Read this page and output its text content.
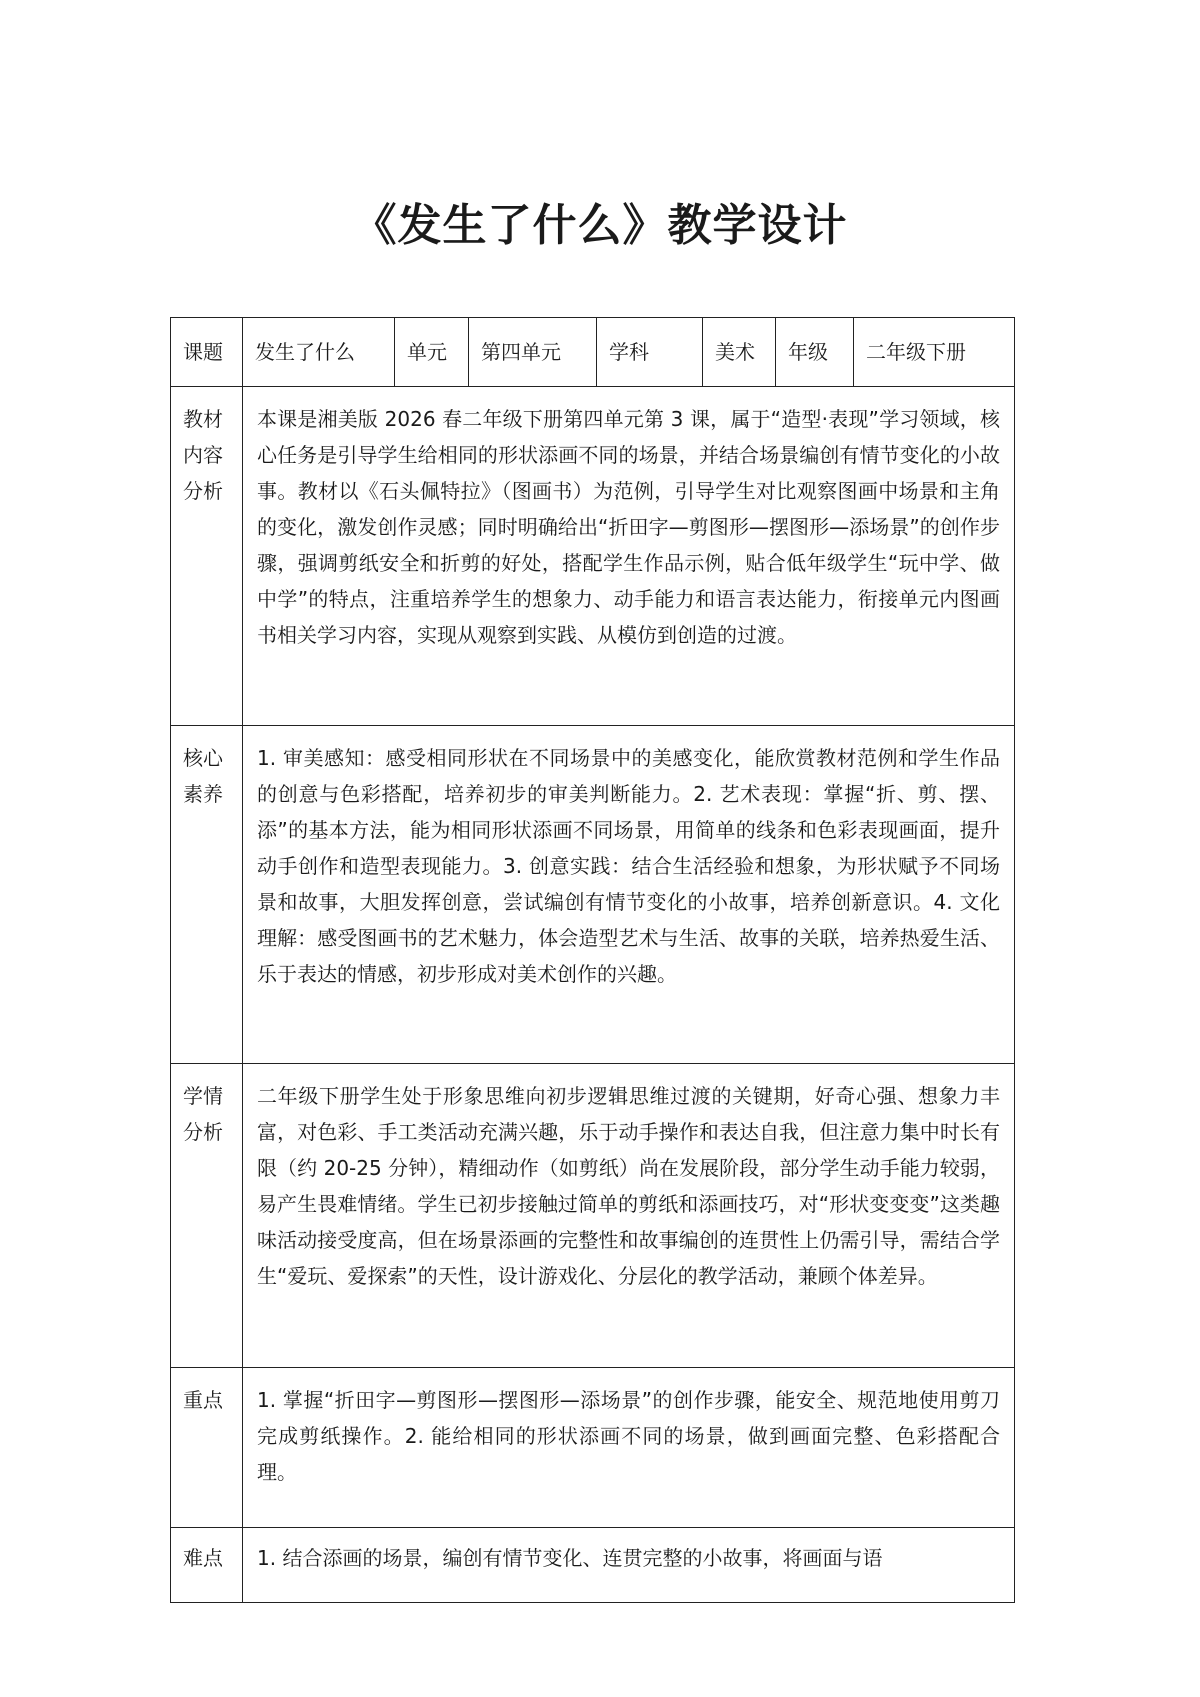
《发生了什么》教学设计
课题	发生了什么	单元	第四单元	学科	美术	年级	二年级下册
教材内容分析	本课是湘美版 2026 春二年级下册第四单元第 3 课，属于“造型·表现”学习领域，核心任务是引导学生给相同的形状添画不同的场景，并结合场景编创有情节变化的小故事。教材以《石头佩特拉》（图画书）为范例，引导学生对比观察图画中场景和主角的变化，激发创作灵感；同时明确给出“折田字—剪图形—摆图形—添场景”的创作步骤，强调剪纸安全和折剪的好处，搭配学生作品示例，贴合低年级学生“玩中学、做中学”的特点，注重培养学生的想象力、动手能力和语言表达能力，衔接单元内图画书相关学习内容，实现从观察到实践、从模仿到创造的过渡。						
核心素养	1. 审美感知：感受相同形状在不同场景中的美感变化，能欣赏教材范例和学生作品的创意与色彩搭配，培养初步的审美判断能力。2. 艺术表现：掌握“折、剪、摆、添”的基本方法，能为相同形状添画不同场景，用简单的线条和色彩表现画面，提升动手创作和造型表现能力。3. 创意实践：结合生活经验和想象，为形状赋予不同场景和故事，大胆发挥创意，尝试编创有情节变化的小故事，培养创新意识。4. 文化理解：感受图画书的艺术魅力，体会造型艺术与生活、故事的关联，培养热爱生活、乐于表达的情感，初步形成对美术创作的兴趣。						
学情分析	二年级下册学生处于形象思维向初步逻辑思维过渡的关键期，好奇心强、想象力丰富，对色彩、手工类活动充满兴趣，乐于动手操作和表达自我，但注意力集中时长有限（约 20-25 分钟），精细动作（如剪纸）尚在发展阶段，部分学生动手能力较弱，易产生畏难情绪。学生已初步接触过简单的剪纸和添画技巧，对“形状变变变”这类趣味活动接受度高，但在场景添画的完整性和故事编创的连贯性上仍需引导，需结合学生“爱玩、爱探索”的天性，设计游戏化、分层化的教学活动，兼顾个体差异。						
重点	1. 掌握“折田字—剪图形—摆图形—添场景”的创作步骤，能安全、规范地使用剪刀完成剪纸操作。2. 能给相同的形状添画不同的场景，做到画面完整、色彩搭配合理。						
难点	1. 结合添画的场景，编创有情节变化、连贯完整的小故事，将画面与语						
